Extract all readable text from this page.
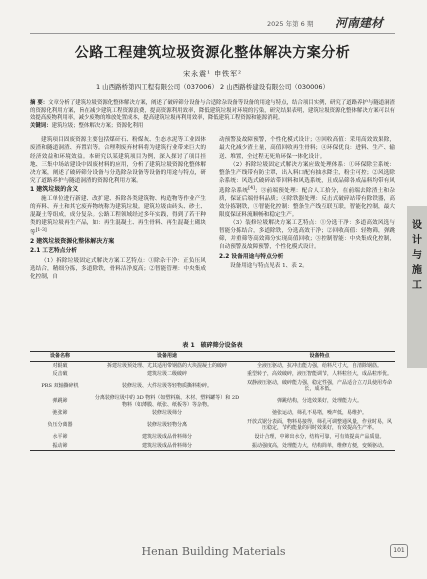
2025 年第 6 期 河南建材
公路工程建筑垃圾资源化整体解决方案分析
宋永震¹ 申铁军²
1 山西路桥第四工程有限公司（037006） 2 山西路桥建设有限公司（030006）
摘 要：文章分析了建筑垃圾资源化整体解决方案，阐述了破碎筛分设备与合适除杂设备等设备的用途与特点，结合项目实例，研究了道路养护与隧道洞渣的资源化利用方案，旨在减少建筑工程资源浪费，提高资源利用效率，降低建筑垃圾对环境的污染，研究结果表明，建筑垃圾资源化整体解决方案可以有效提高废物利用率，减少废物的堆放处置成本，提高建筑垃圾再利用效率，降低建筑工程资源和能源消耗。
关键词：建筑垃圾；整体解决方案；资源化利用

建筑项目固废资源主要包括煤矸石、粉煤灰、生态水泥等工业固体废渣和隧道洞渣、弃置岩等。合理利废弃材料将为建筑行业带来巨大的经济效益和环境效益。本研究以某建筑项目为例，深入探讨了项目挂地、三集中场站建设中固废材料的应用，分析了建筑垃圾资源化整体解决方案，阐述了破碎筛分设备与分选除杂设备等设备的用途与特点，研究了道路养护与隧道洞渣的资源化利用方案。

1 建筑垃圾的含义

施工单位进行新建、改扩建、拆除各类建筑物、构造物等作业产生的弃料、弃土和其它废弃物统称为建筑垃圾。建筑垃圾由砖头、砂土、混凝土等组成，成分复杂。公路工程领域经过多年实践，得到了若干种类的建筑垃圾再生产品，如：再生混凝土、再生骨料、再生混凝土砌块等[1-3]

2 建筑垃圾资源化整体解决方案
2.1 工艺特点分析

（1）拆除垃圾固定式解决方案工艺特点：①除杂干净：正负压风选结合，精细分拣，多道除铁，骨料洁净度高；②智能管理：中央集成化控制，自

动预警及故障预警，个性化模式设计；③回收高值：采用高效效果除，最大化减少渣土量，高值回收再生骨料；④环保优良：进料、生产、输送、堆置，全过程无死角环保一体化设计。

（2）拆除垃圾固定式解决方案应致处理体系：①环保除尘系统：整条生产线带有防尘罩，出入料口配有抽水降尘，粉尘可控；②风选除杂系统：风选式破碎站带回料和风选系统，且成品筛各成品料均带有风选除杂系统[4]；③前端预处理：配合人工拾分，在前端去除渣土和杂质，保证后端骨料品质；④除铁器处理：反击式破碎站带有除铁器，高效分拣钢铁，⑤智能化控制：整条生产线互联互联，智能化控制，最大限度保证料流顺畅和稳定生产。

（3）装修垃圾解决方案工艺特点：①分选干净：多道高效风选与智能分拣结合，多道除铁，分选高效干净；②回收高值：轻物筛，弹跳筛，并重筛等高效筛分实现高值回收；③控制智能：中央集成化控制，自动预警及故障预警，个性化模式设计。

2.2 设备用途与特点分析

设备用途与特点见表 1、表 2。

表 1　破碎筛分设备表
设备名称	设备用途	设备特点
对辊破	拆建垃圾预处理、尤其适用带钢筋的大块混凝土的破碎	全液压驱动，抗冲击能力强，给料尺寸大，自清除钢筋。
反击破	建筑垃圾二级破碎	重型转子，高效破碎，液压智能调节，人料粒径大，成品粒形优。
PRS 双轴撕碎机	装修垃圾、大件垃圾等轻物质撕料粉碎。	双静液压驱动，破碎能力强，稳定性强，产品适合立刀具使用寿命长，成本低。
弹跳筛	分离装修垃圾中的 3D 物料（如塑料瓶、木材、塑料罐等）和 2D 物料（如薄膜、纸张、纸板等）等杂物。	弹跳结构，分选效果好，处理能力大。
弛张筛	装修垃圾筛分	弛张运动，筛孔不易堵，噪声低，易维护。
负压分离器	装修垃圾轻物分离	开放式锯分表面，物料易接得，筛孔可调整通风量，作业时易，风压稳定，节约能量的同时效果好，有效提高生产率。
水平筛	建筑垃圾成品骨料筛分	设计合理，中筛出水分，结构可靠，可有效提高产品质量。
振动筛	建筑垃圾成品骨料筛分	振动强度高，处理能力大，结构简单，维修方便，变频驱动。
设计与施工
Henan Building Materials	101
